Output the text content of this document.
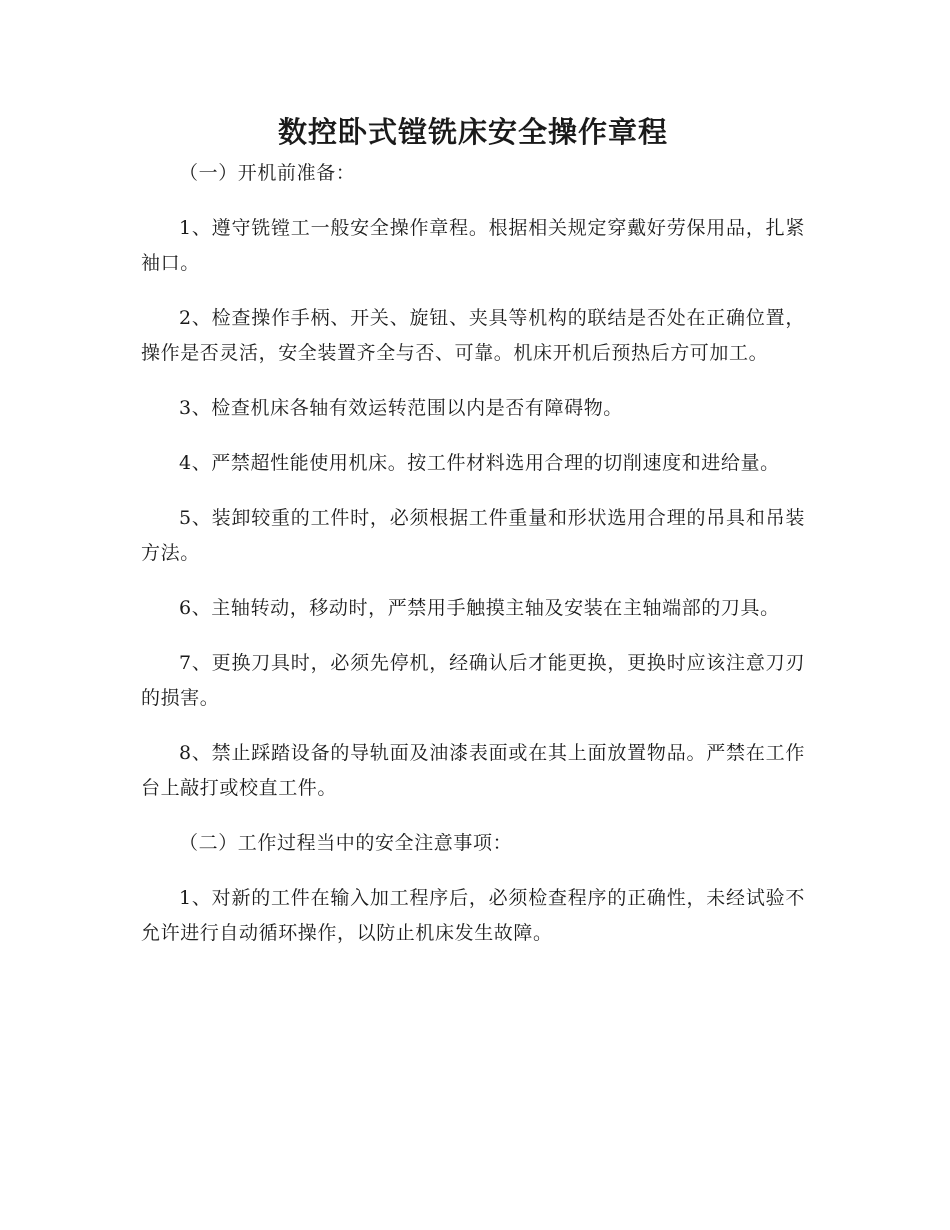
数控卧式镗铣床安全操作章程

（一）开机前准备：

1、遵守铣镗工一般安全操作章程。根据相关规定穿戴好劳保用品，扎紧袖口。

2、检查操作手柄、开关、旋钮、夹具等机构的联结是否处在正确位置，操作是否灵活，安全装置齐全与否、可靠。机床开机后预热后方可加工。

3、检查机床各轴有效运转范围以内是否有障碍物。

4、严禁超性能使用机床。按工件材料选用合理的切削速度和进给量。

5、装卸较重的工件时，必须根据工件重量和形状选用合理的吊具和吊装方法。

6、主轴转动，移动时，严禁用手触摸主轴及安装在主轴端部的刀具。

7、更换刀具时，必须先停机，经确认后才能更换，更换时应该注意刀刃的损害。

8、禁止踩踏设备的导轨面及油漆表面或在其上面放置物品。严禁在工作台上敲打或校直工件。

（二）工作过程当中的安全注意事项：

1、对新的工件在输入加工程序后，必须检查程序的正确性，未经试验不允许进行自动循环操作，以防止机床发生故障。
